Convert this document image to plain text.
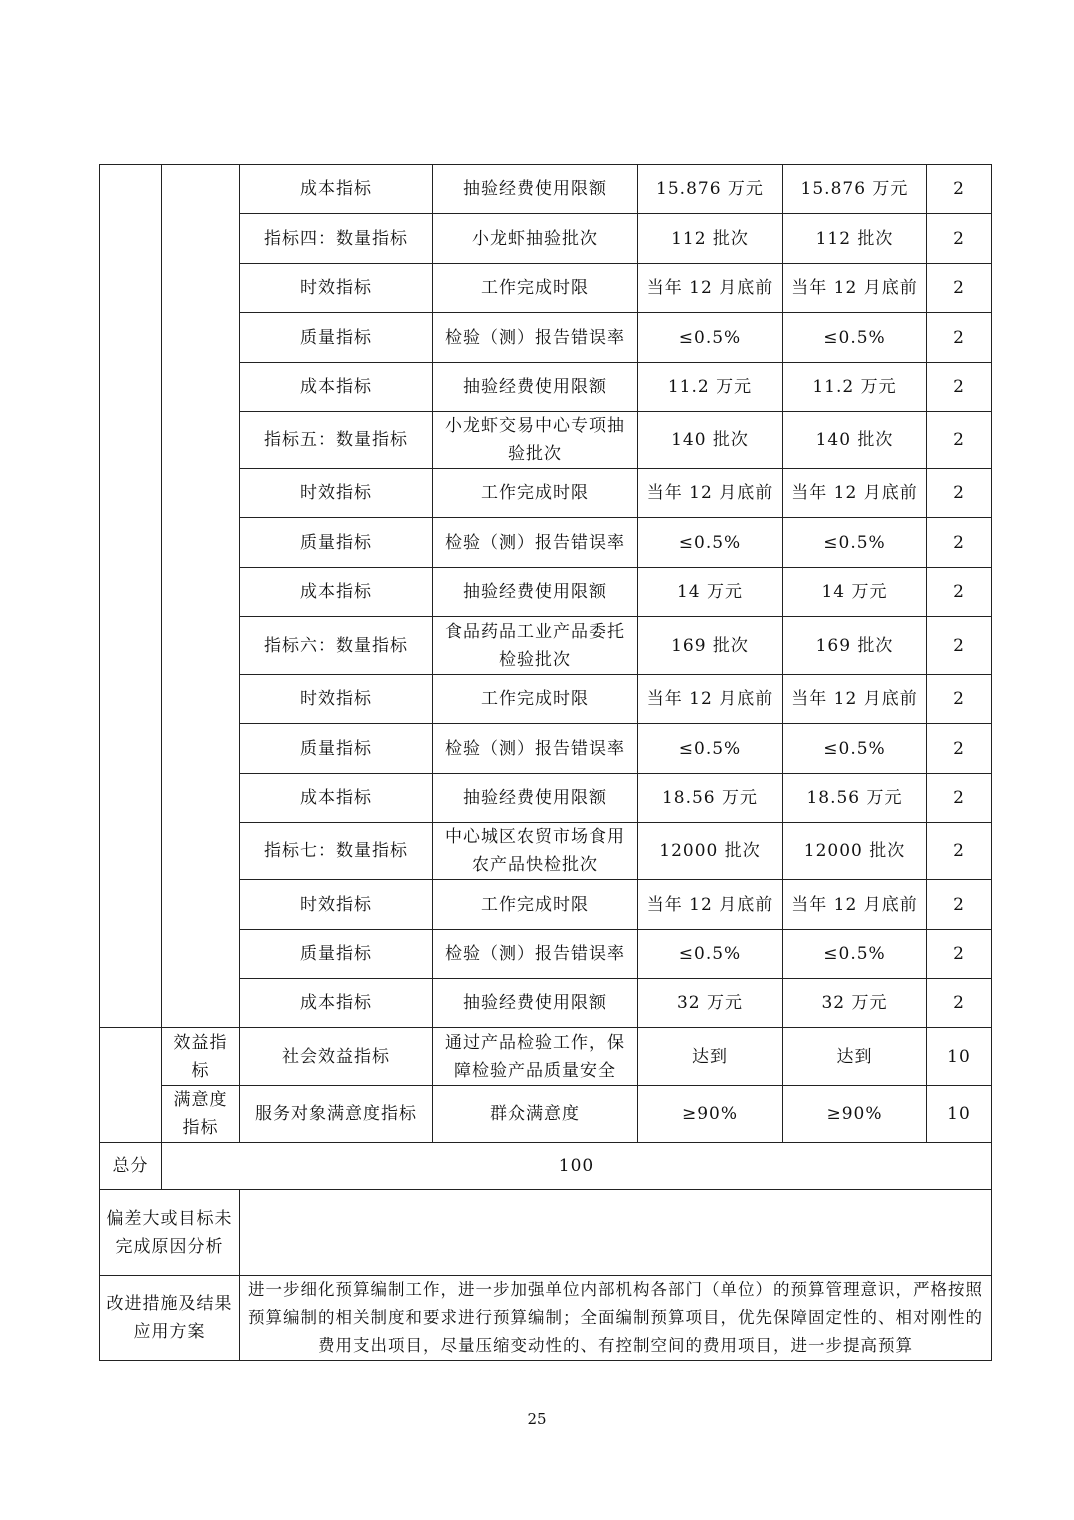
		成本指标	抽验经费使用限额	15.876 万元	15.876 万元	2
		指标四：数量指标	小龙虾抽验批次	112 批次	112 批次	2
		时效指标	工作完成时限	当年 12 月底前	当年 12 月底前	2
		质量指标	检验（测）报告错误率	≤0.5%	≤0.5%	2
		成本指标	抽验经费使用限额	11.2 万元	11.2 万元	2
		指标五：数量指标	小龙虾交易中心专项抽验批次	140 批次	140 批次	2
		时效指标	工作完成时限	当年 12 月底前	当年 12 月底前	2
		质量指标	检验（测）报告错误率	≤0.5%	≤0.5%	2
		成本指标	抽验经费使用限额	14 万元	14 万元	2
		指标六：数量指标	食品药品工业产品委托检验批次	169 批次	169 批次	2
		时效指标	工作完成时限	当年 12 月底前	当年 12 月底前	2
		质量指标	检验（测）报告错误率	≤0.5%	≤0.5%	2
		成本指标	抽验经费使用限额	18.56 万元	18.56 万元	2
		指标七：数量指标	中心城区农贸市场食用农产品快检批次	12000 批次	12000 批次	2
		时效指标	工作完成时限	当年 12 月底前	当年 12 月底前	2
		质量指标	检验（测）报告错误率	≤0.5%	≤0.5%	2
		成本指标	抽验经费使用限额	32 万元	32 万元	2
	效益指标	社会效益指标	通过产品检验工作，保障检验产品质量安全	达到	达到	10
	满意度指标	服务对象满意度指标	群众满意度	≥90%	≥90%	10
总分	100					
偏差大或目标未完成原因分析						
改进措施及结果应用方案		进一步细化预算编制工作，进一步加强单位内部机构各部门（单位）的预算管理意识，严格按照预算编制的相关制度和要求进行预算编制；全面编制预算项目，优先保障固定性的、相对刚性的费用支出项目，尽量压缩变动性的、有控制空间的费用项目，进一步提高预算				
25
